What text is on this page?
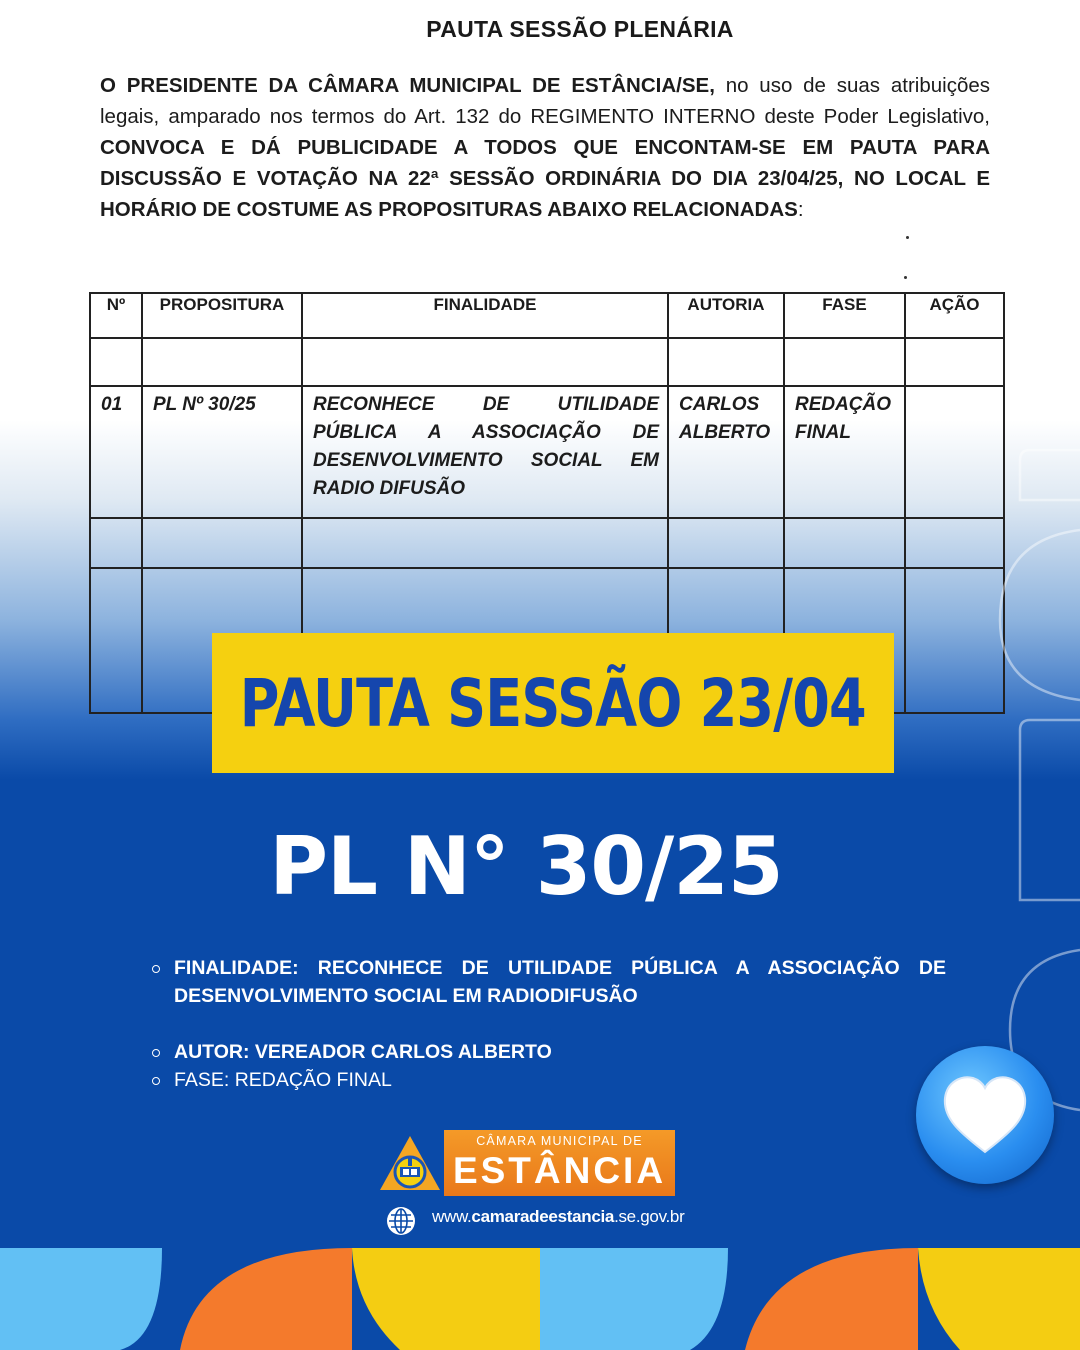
PAUTA SESSÃO PLENÁRIA
O PRESIDENTE DA CÂMARA MUNICIPAL DE ESTÂNCIA/SE, no uso de suas atribuições legais, amparado nos termos do Art. 132 do REGIMENTO INTERNO deste Poder Legislativo, CONVOCA E DÁ PUBLICIDADE A TODOS QUE ENCONTAM-SE EM PAUTA PARA DISCUSSÃO E VOTAÇÃO NA 22ª SESSÃO ORDINÁRIA DO DIA 23/04/25, NO LOCAL E HORÁRIO DE COSTUME AS PROPOSITURAS ABAIXO RELACIONADAS:
Nº	PROPOSITURA	FINALIDADE	AUTORIA	FASE	AÇÃO

01	PL Nº 30/25	RECONHECE DE UTILIDADE PÚBLICA A ASSOCIAÇÃO DE DESENVOLVIMENTO SOCIAL EM RADIO DIFUSÃO	CARLOS ALBERTO	REDAÇÃO FINAL	

PAUTA SESSÃO 23/04
PL N° 30/25
FINALIDADE: RECONHECE DE UTILIDADE PÚBLICA A ASSOCIAÇÃO DE DESENVOLVIMENTO SOCIAL EM RADIODIFUSÃO
AUTOR: VEREADOR CARLOS ALBERTO
FASE: REDAÇÃO FINAL
CÂMARA MUNICIPAL DE
ESTÂNCIA
www.camaradeestancia.se.gov.br
